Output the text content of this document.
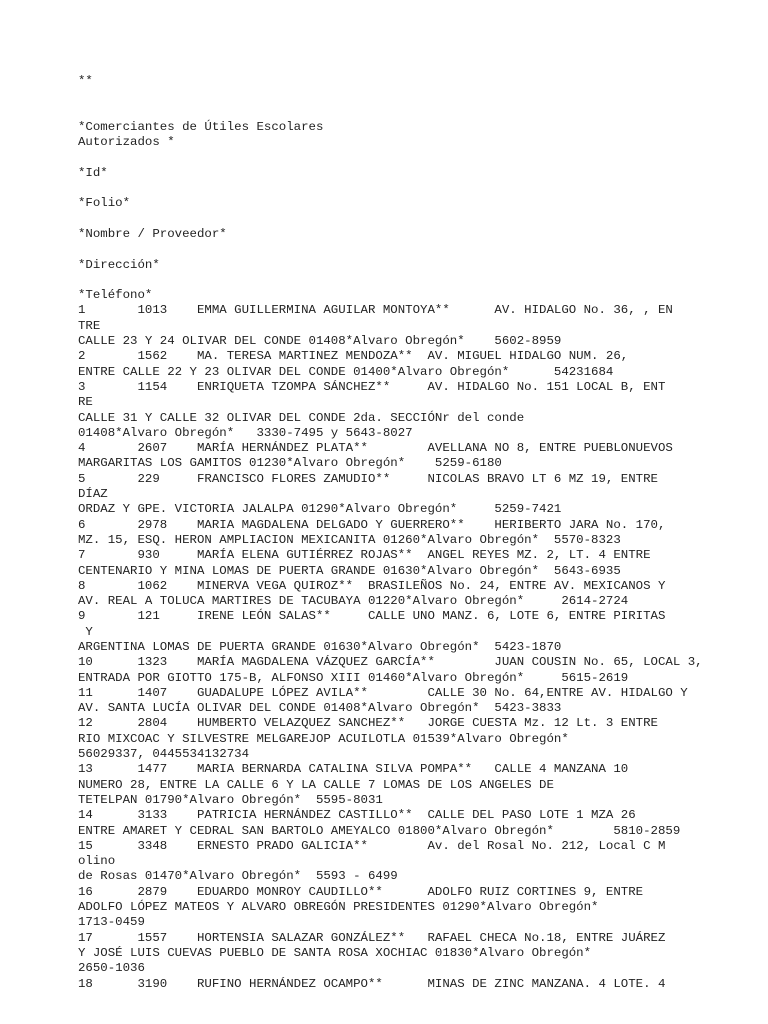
**
*Comerciantes de Útiles Escolares
Autorizados *
*Id*
*Folio*
*Nombre / Proveedor*
*Dirección*
*Teléfono*
1       1013    EMMA GUILLERMINA AGUILAR MONTOYA**      AV. HIDALGO No. 36, , EN
TRE
CALLE 23 Y 24 OLIVAR DEL CONDE 01408*Alvaro Obregón*    5602-8959
2       1562    MA. TERESA MARTINEZ MENDOZA**  AV. MIGUEL HIDALGO NUM. 26,
ENTRE CALLE 22 Y 23 OLIVAR DEL CONDE 01400*Alvaro Obregón*      54231684
3       1154    ENRIQUETA TZOMPA SÁNCHEZ**     AV. HIDALGO No. 151 LOCAL B, ENT
RE
CALLE 31 Y CALLE 32 OLIVAR DEL CONDE 2da. SECCIÓNr del conde
01408*Alvaro Obregón*   3330-7495 y 5643-8027
4       2607    MARÍA HERNÁNDEZ PLATA**        AVELLANA NO 8, ENTRE PUEBLONUEVOS
MARGARITAS LOS GAMITOS 01230*Alvaro Obregón*    5259-6180
5       229     FRANCISCO FLORES ZAMUDIO**     NICOLAS BRAVO LT 6 MZ 19, ENTRE
DÍAZ
ORDAZ Y GPE. VICTORIA JALALPA 01290*Alvaro Obregón*     5259-7421
6       2978    MARIA MAGDALENA DELGADO Y GUERRERO**    HERIBERTO JARA No. 170,
MZ. 15, ESQ. HERON AMPLIACION MEXICANITA 01260*Alvaro Obregón*  5570-8323
7       930     MARÍA ELENA GUTIÉRREZ ROJAS**  ANGEL REYES MZ. 2, LT. 4 ENTRE
CENTENARIO Y MINA LOMAS DE PUERTA GRANDE 01630*Alvaro Obregón*  5643-6935
8       1062    MINERVA VEGA QUIROZ**  BRASILEÑOS No. 24, ENTRE AV. MEXICANOS Y
AV. REAL A TOLUCA MARTIRES DE TACUBAYA 01220*Alvaro Obregón*     2614-2724
9       121     IRENE LEÓN SALAS**     CALLE UNO MANZ. 6, LOTE 6, ENTRE PIRITAS
Y
ARGENTINA LOMAS DE PUERTA GRANDE 01630*Alvaro Obregón*  5423-1870
10      1323    MARÍA MAGDALENA VÁZQUEZ GARCÍA**        JUAN COUSIN No. 65, LOCAL 3,
ENTRADA POR GIOTTO 175-B, ALFONSO XIII 01460*Alvaro Obregón*     5615-2619
11      1407    GUADALUPE LÓPEZ AVILA**        CALLE 30 No. 64,ENTRE AV. HIDALGO Y
AV. SANTA LUCÍA OLIVAR DEL CONDE 01408*Alvaro Obregón*  5423-3833
12      2804    HUMBERTO VELAZQUEZ SANCHEZ**   JORGE CUESTA Mz. 12 Lt. 3 ENTRE
RIO MIXCOAC Y SILVESTRE MELGAREJOP ACUILOTLA 01539*Alvaro Obregón*
56029337, 0445534132734
13      1477    MARIA BERNARDA CATALINA SILVA POMPA**   CALLE 4 MANZANA 10
NUMERO 28, ENTRE LA CALLE 6 Y LA CALLE 7 LOMAS DE LOS ANGELES DE
TETELPAN 01790*Alvaro Obregón*  5595-8031
14      3133    PATRICIA HERNÁNDEZ CASTILLO**  CALLE DEL PASO LOTE 1 MZA 26
ENTRE AMARET Y CEDRAL SAN BARTOLO AMEYALCO 01800*Alvaro Obregón*        5810-2859
15      3348    ERNESTO PRADO GALICIA**        Av. del Rosal No. 212, Local C M
olino
de Rosas 01470*Alvaro Obregón*  5593 - 6499
16      2879    EDUARDO MONROY CAUDILLO**      ADOLFO RUIZ CORTINES 9, ENTRE
ADOLFO LÓPEZ MATEOS Y ALVARO OBREGÓN PRESIDENTES 01290*Alvaro Obregón*
1713-0459
17      1557    HORTENSIA SALAZAR GONZÁLEZ**   RAFAEL CHECA No.18, ENTRE JUÁREZ
Y JOSÉ LUIS CUEVAS PUEBLO DE SANTA ROSA XOCHIAC 01830*Alvaro Obregón*
2650-1036
18      3190    RUFINO HERNÁNDEZ OCAMPO**      MINAS DE ZINC MANZANA. 4 LOTE. 4
